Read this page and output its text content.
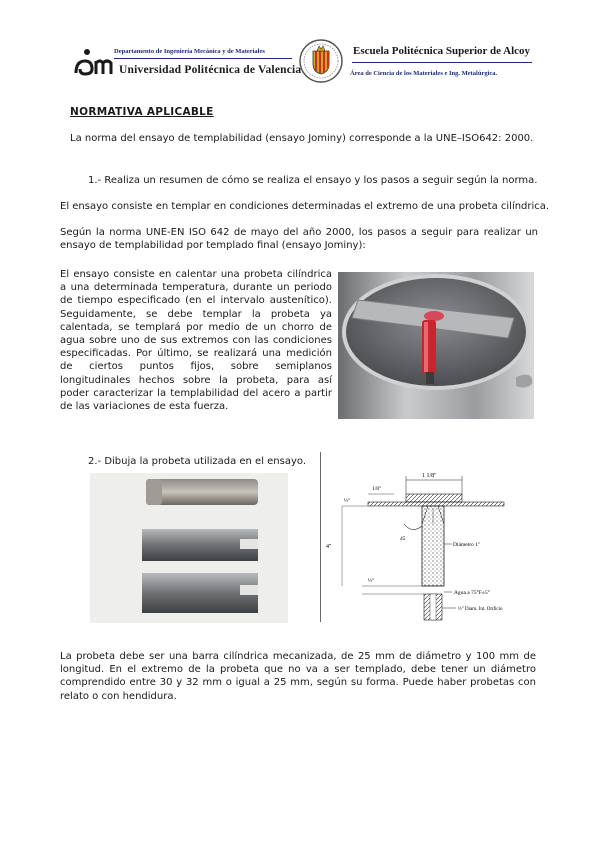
Departamento de Ingeniería Mecánica y de Materiales
Universidad Politécnica de Valencia
Escuela Politécnica Superior de Alcoy
Área de Ciencia de los Materiales e Ing. Metalúrgica.
NORMATIVA APLICABLE
La norma del ensayo de templabilidad (ensayo Jominy) corresponde a la UNE–ISO642: 2000.
1.- Realiza un resumen de cómo se realiza el ensayo y los pasos a seguir según la norma.
El ensayo consiste en templar en condiciones determinadas el extremo de una probeta cilíndrica.
Según la norma UNE-EN ISO 642 de mayo del año 2000, los pasos a seguir para realizar un ensayo de templabilidad por templado final (ensayo Jominy):
El ensayo consiste en calentar una probeta cilíndrica a una determinada temperatura, durante un periodo de tiempo especificado (en el intervalo austenítico). Seguidamente, se debe templar la probeta ya calentada, se templará por medio de un chorro de agua sobre uno de sus extremos con las condiciones especificadas. Por último, se realizará una medición de ciertos puntos fijos, sobre semiplanos longitudinales hechos sobre la probeta, para así poder caracterizar la templabilidad del acero a partir de las variaciones de esta fuerza.
2.- Dibuja la probeta utilizada en el ensayo.
1 1/8"
1/8"
½"
45
4"	Diámetro 1"
½"
Agua a 75°F±5°
½" Diam. Int. Orificio
La probeta debe ser una barra cilíndrica mecanizada, de 25 mm de diámetro y 100 mm de longitud. En el extremo de la probeta que no va a ser templado, debe tener un diámetro comprendido entre 30 y 32 mm o igual a 25 mm, según su forma. Puede haber probetas con relato o con hendidura.
